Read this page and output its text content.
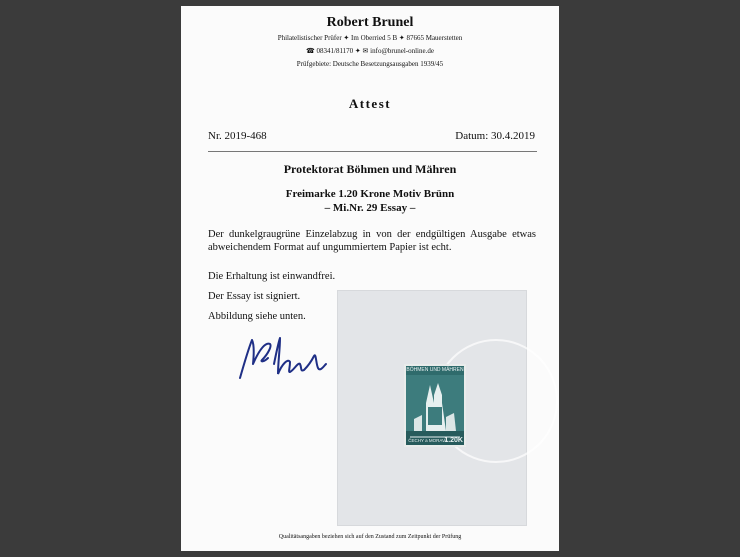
Robert Brunel
Philatelistischer Prüfer ✦ Im Oberried 5 B ✦ 87665 Mauerstetten
☎ 08341/81170 ✦ ✉ info@brunel-online.de
Prüfgebiete: Deutsche Besetzungsausgaben 1939/45
Attest
Nr. 2019-468	Datum: 30.4.2019
Protektorat Böhmen und Mähren
Freimarke 1.20 Krone Motiv Brünn
– Mi.Nr. 29 Essay –
Der dunkelgraugrüne Einzelabzug in von der endgültigen Ausgabe etwas abweichendem Format auf ungummiertem Papier ist echt.
Die Erhaltung ist einwandfrei.
Der Essay ist signiert.
Abbildung siehe unten.
BÖHMEN UND MÄHREN
ČECHY a MORAVA
1.20K
Qualitätsangaben beziehen sich auf den Zustand zum Zeitpunkt der Prüfung
